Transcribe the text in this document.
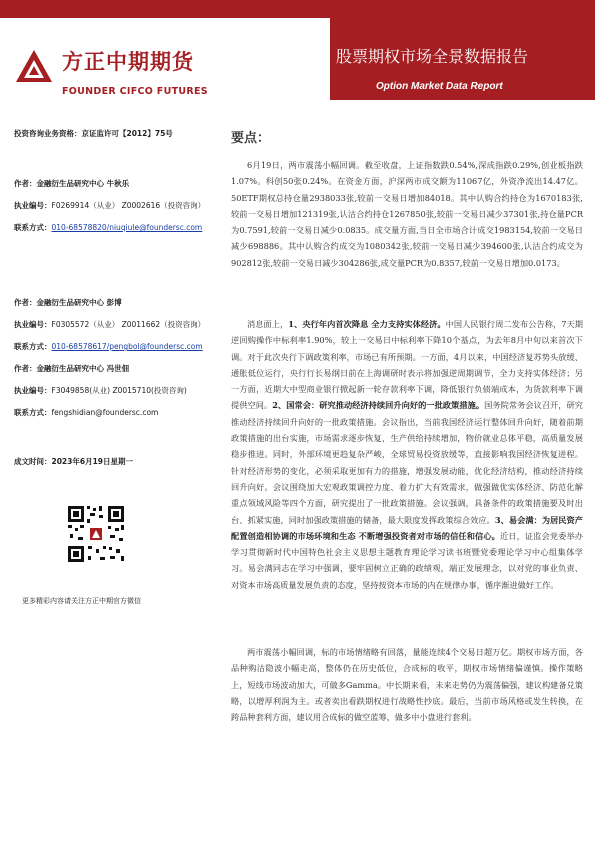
方正中期期货
FOUNDER CIFCO FUTURES
股票期权市场全景数据报告
Option Market Data Report
投资咨询业务资格：京证监许可【2012】75号
作者：金融衍生品研究中心 牛秋乐
执业编号：F0269914（从业） Z0002616（投资咨询）
联系方式：010-68578820/niuqiule@foundersc.com
作者：金融衍生品研究中心 彭博
执业编号：F0305572（从业） Z0011662（投资咨询）
联系方式：010-68578617/pengbol@foundersc.com
作者：金融衍生品研究中心 冯世佃
执业编号：F3049858(从业) Z0015710(投资咨询)
联系方式：fengshidian@foundersc.com
成文时间：2023年6月19日星期一
更多精彩内容请关注方正中期官方微信
要点：
6月19日，两市震荡小幅回调。截至收盘，上证指数跌0.54%,深成指跌0.29%,创业板指跌1.07%。科创50张0.24%。在资金方面，沪深两市成交额为11067亿，外资净流出14.47亿。50ETF期权总持仓量2938033张,较前一交易日增加84018。其中认购合约持仓为1670183张,较前一交易日增加121319张,认沽合约持仓1267850张,较前一交易日减少37301张,持仓量PCR为0.7591,较前一交易日减少0.0835。成交量方面,当日全市场合计成交1983154,较前一交易日减少698886。其中认购合约成交为1080342张,较前一交易日减少394600张,认沽合约成交为902812张,较前一交易日减少304286张,成交量PCR为0.8357,较前一交易日增加0.0173。
消息面上，1、央行年内首次降息 全力支持实体经济。中国人民银行周二发布公告称，7天期逆回购操作中标利率1.90%，较上一交易日中标利率下降10个基点，为去年8月中旬以来首次下调。对于此次央行下调政策利率，市场已有所预期。一方面，4月以来，中国经济复苏势头放缓、通胀低位运行，央行行长易纲日前在上海调研时表示将加强逆周期调节，全力支持实体经济；另一方面，近期大中型商业银行掀起新一轮存款利率下调，降低银行负债端成本，为货款利率下调提供空间。2、国常会：研究推动经济持续回升向好的一批政策措施。国务院常务会议召开，研究推动经济持续回升向好的一批政策措施。会议指出，当前我国经济运行整体回升向好，随着前期政策措施的出台实施，市场需求逐步恢复，生产供给持续增加，物价就业总体平稳，高质量发展稳步推进。同时，外部环境更趋复杂严峻，全球贸易投资放缓等，直接影响我国经济恢复进程。针对经济形势的变化，必须采取更加有力的措施，增强发展动能，优化经济结构，推动经济持续回升向好。会议围绕加大宏观政策调控力度、着力扩大有效需求，做强做优实体经济、防范化解重点领域风险等四个方面，研究提出了一批政策措施。会议强调，具备条件的政策措施要及时出台、抓紧实施，同时加强政策措施的储备，最大限度发挥政策综合效应。3、易会满：为居民资产配置创造相协调的市场环境和生态 不断增强投资者对市场的信任和信心。近日，证监会党委举办学习贯彻新时代中国特色社会主义思想主题教育理论学习读书班暨党委理论学习中心组集体学习。易会满同志在学习中强调，要牢固树立正确的政绩观，端正发展理念，以对党的事业负责、对资本市场高质量发展负责的态度，坚持按资本市场的内在规律办事，循序渐进做好工作。
两市震荡小幅回调，标的市场情绪略有回落，量能连续4个交易日超万亿。期权市场方面，各品种购沽隐波小幅走高，整体仍在历史低位，合成标的收平，期权市场情绪偏谨慎。操作策略上，短线市场波动加大，可做多Gamma。中长期来看，未来走势仍为震荡偏强，建议构建备兑策略，以增厚利润为主。或者卖出看跌期权进行战略性抄底。最后，当前市场风格或发生转换，在跨品种套利方面，建议用合成标的做空蓝筹，做多中小盘进行套利。
